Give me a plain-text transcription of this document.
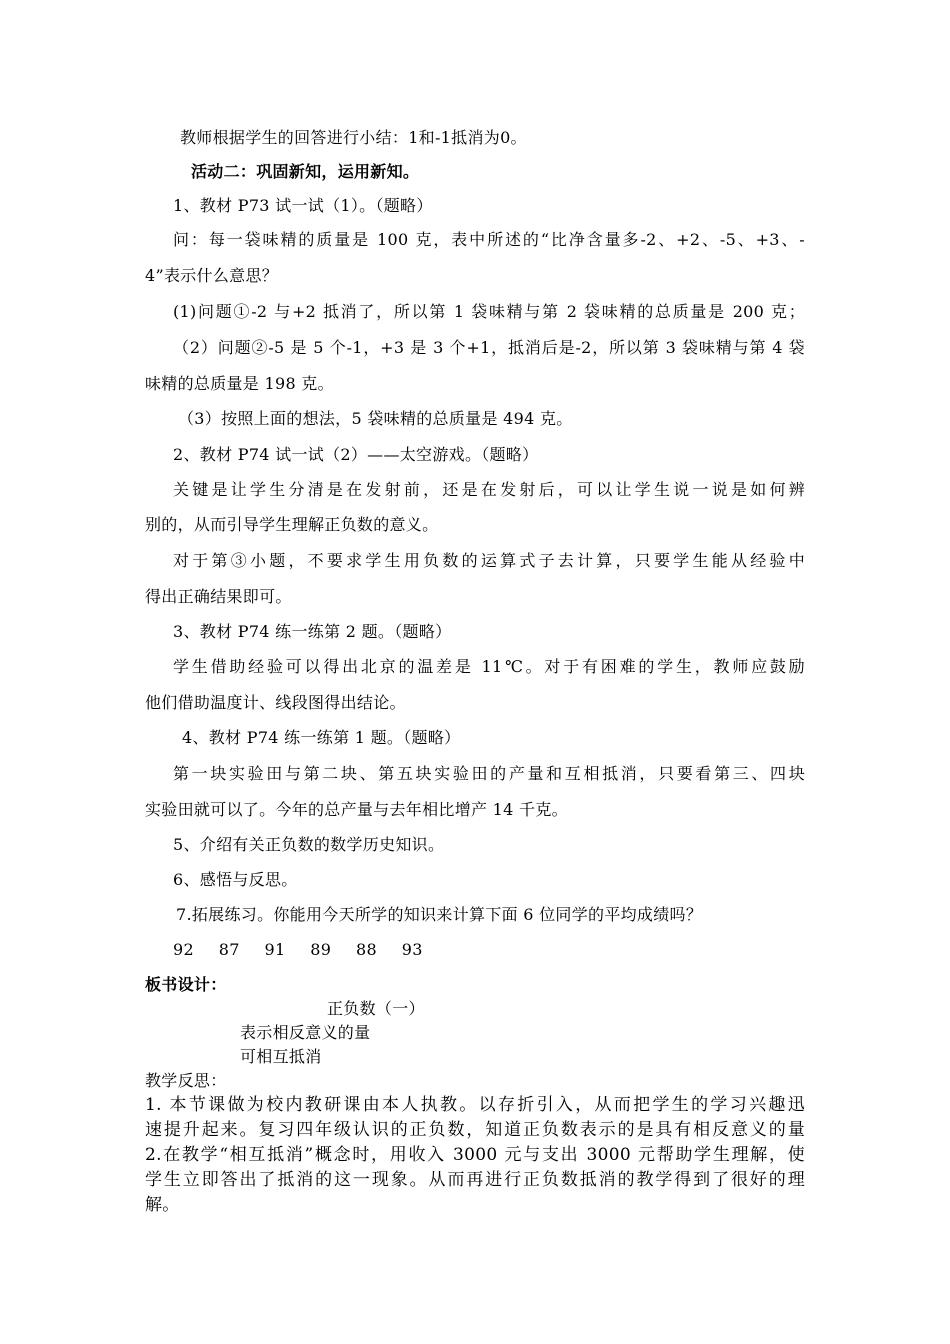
教师根据学生的回答进行小结：1和-1抵消为0。
活动二：巩固新知，运用新知。
1、教材 P73 试一试（1）。（题略）
问：每一袋味精的质量是 100 克，表中所述的“比净含量多-2、+2、-5、+3、-
4”表示什么意思？
(1)问题①-2 与+2 抵消了，所以第 1 袋味精与第 2 袋味精的总质量是 200 克；
（2）问题②-5 是 5 个-1，+3 是 3 个+1，抵消后是-2，所以第 3 袋味精与第 4 袋
味精的总质量是 198 克。
（3）按照上面的想法，5 袋味精的总质量是 494 克。
2、教材 P74 试一试（2）——太空游戏。（题略）
关键是让学生分清是在发射前，还是在发射后，可以让学生说一说是如何辨
别的，从而引导学生理解正负数的意义。
对于第③小题，不要求学生用负数的运算式子去计算，只要学生能从经验中
得出正确结果即可。
3、教材 P74 练一练第 2 题。（题略）
学生借助经验可以得出北京的温差是 11℃。对于有困难的学生，教师应鼓励
他们借助温度计、线段图得出结论。
4、教材 P74 练一练第 1 题。（题略）
第一块实验田与第二块、第五块实验田的产量和互相抵消，只要看第三、四块
实验田就可以了。今年的总产量与去年相比增产 14 千克。
5、介绍有关正负数的数学历史知识。
6、感悟与反思。
7.拓展练习。你能用今天所学的知识来计算下面 6 位同学的平均成绩吗？
92 87 91 89 88 93
板书设计：
正负数（一）
表示相反意义的量
可相互抵消
教学反思：
1. 本节课做为校内教研课由本人执教。以存折引入，从而把学生的学习兴趣迅
速提升起来。复习四年级认识的正负数，知道正负数表示的是具有相反意义的量
2.在教学“相互抵消”概念时，用收入 3000 元与支出 3000 元帮助学生理解，使
学生立即答出了抵消的这一现象。从而再进行正负数抵消的教学得到了很好的理
解。
